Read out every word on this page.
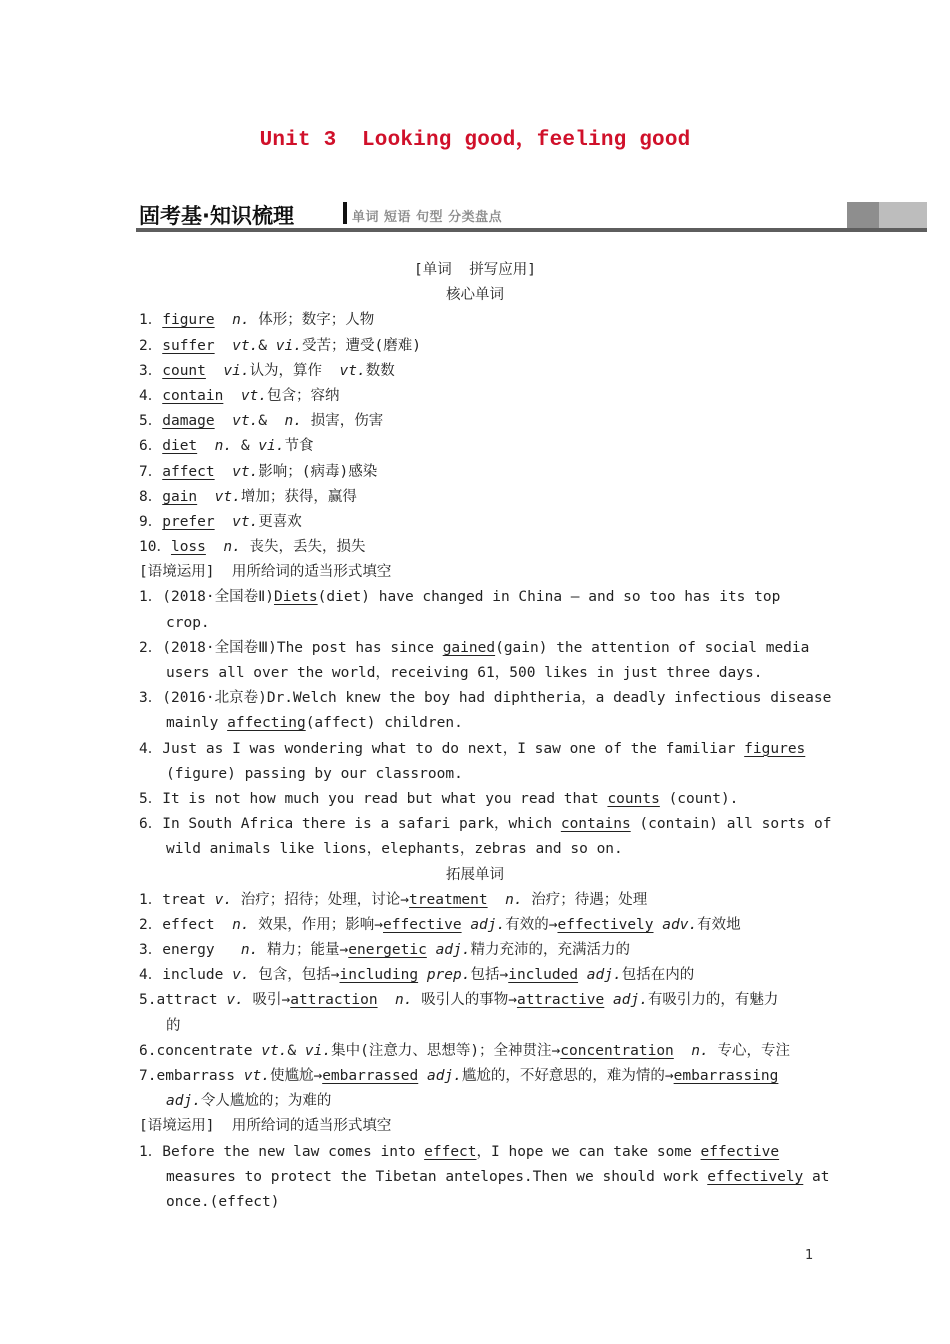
Unit 3  Looking good，feeling good
固考基·知识梳理	单词 短语 句型 分类盘点
[单词  拼写应用]
核心单词
1．figure n. 体形；数字；人物
2．suffer vt.& vi.受苦；遭受(磨难)
3．count vi.认为，算作  vt.数数
4．contain vt.包含；容纳
5．damage vt.&  n. 损害，伤害
6．diet n. & vi.节食
7．affect vt.影响；(病毒)感染
8．gain vt.增加；获得，赢得
9．prefer vt.更喜欢
10．loss n. 丧失，丢失，损失
[语境运用]  用所给词的适当形式填空
1．(2018·全国卷Ⅱ)Diets(diet) have changed in China — and so too has its top
crop.
2．(2018·全国卷Ⅲ)The post has since gained(gain) the attention of social media
users all over the world，receiving 61，500 likes in just three days.
3．(2016·北京卷)Dr.Welch knew the boy had diphtheria，a deadly infectious disease
mainly affecting(affect) children.
4．Just as I was wondering what to do next，I saw one of the familiar figures
(figure) passing by our classroom.
5．It is not how much you read but what you read that counts (count).
6．In South Africa there is a safari park，which contains (contain) all sorts of
wild animals like lions，elephants，zebras and so on.
拓展单词
1．treat v. 治疗；招待；处理，讨论→treatment n. 治疗；待遇；处理
2．effect  n. 效果，作用；影响→effective adj.有效的→effectively adv.有效地
3．energy   n. 精力；能量→energetic adj.精力充沛的，充满活力的
4．include v. 包含，包括→including prep.包括→included adj.包括在内的
5.attract v. 吸引→attraction n. 吸引人的事物→attractive adj.有吸引力的，有魅力
的
6.concentrate vt.& vi.集中(注意力、思想等)；全神贯注→concentration n. 专心，专注
7.embarrass vt.使尴尬→embarrassed adj.尴尬的，不好意思的，难为情的→embarrassing
adj.令人尴尬的；为难的
[语境运用]  用所给词的适当形式填空
1．Before the new law comes into effect，I hope we can take some effective
measures to protect the Tibetan antelopes.Then we should work effectively at
once.(effect)
1
